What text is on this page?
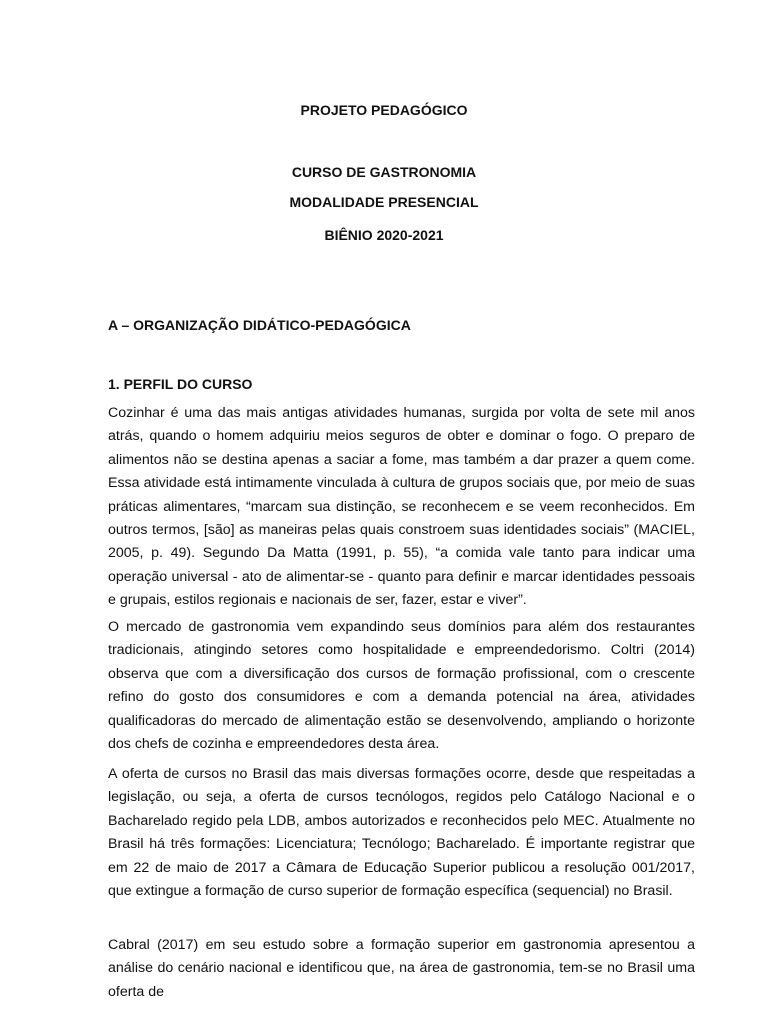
PROJETO PEDAGÓGICO
CURSO DE GASTRONOMIA
MODALIDADE PRESENCIAL
BIÊNIO 2020-2021
A – ORGANIZAÇÃO DIDÁTICO-PEDAGÓGICA
1. PERFIL DO CURSO

Cozinhar é uma das mais antigas atividades humanas, surgida por volta de sete mil anos atrás, quando o homem adquiriu meios seguros de obter e dominar o fogo. O preparo de alimentos não se destina apenas a saciar a fome, mas também a dar prazer a quem come. Essa atividade está intimamente vinculada à cultura de grupos sociais que, por meio de suas práticas alimentares, “marcam sua distinção, se reconhecem e se veem reconhecidos. Em outros termos, [são] as maneiras pelas quais constroem suas identidades sociais” (MACIEL, 2005, p. 49). Segundo Da Matta (1991, p. 55), “a comida vale tanto para indicar uma operação universal - ato de alimentar-se - quanto para definir e marcar identidades pessoais e grupais, estilos regionais e nacionais de ser, fazer, estar e viver”.

O mercado de gastronomia vem expandindo seus domínios para além dos restaurantes tradicionais, atingindo setores como hospitalidade e empreendedorismo. Coltri (2014) observa que com a diversificação dos cursos de formação profissional, com o crescente refino do gosto dos consumidores e com a demanda potencial na área, atividades qualificadoras do mercado de alimentação estão se desenvolvendo, ampliando o horizonte dos chefs de cozinha e empreendedores desta área.

A oferta de cursos no Brasil das mais diversas formações ocorre, desde que respeitadas a legislação, ou seja, a oferta de cursos tecnólogos, regidos pelo Catálogo Nacional e o Bacharelado regido pela LDB, ambos autorizados e reconhecidos pelo MEC. Atualmente no Brasil há três formações: Licenciatura; Tecnólogo; Bacharelado. É importante registrar que em 22 de maio de 2017 a Câmara de Educação Superior publicou a resolução 001/2017, que extingue a formação de curso superior de formação específica (sequencial) no Brasil.

Cabral (2017) em seu estudo sobre a formação superior em gastronomia apresentou a análise do cenário nacional e identificou que, na área de gastronomia, tem-se no Brasil uma oferta de
